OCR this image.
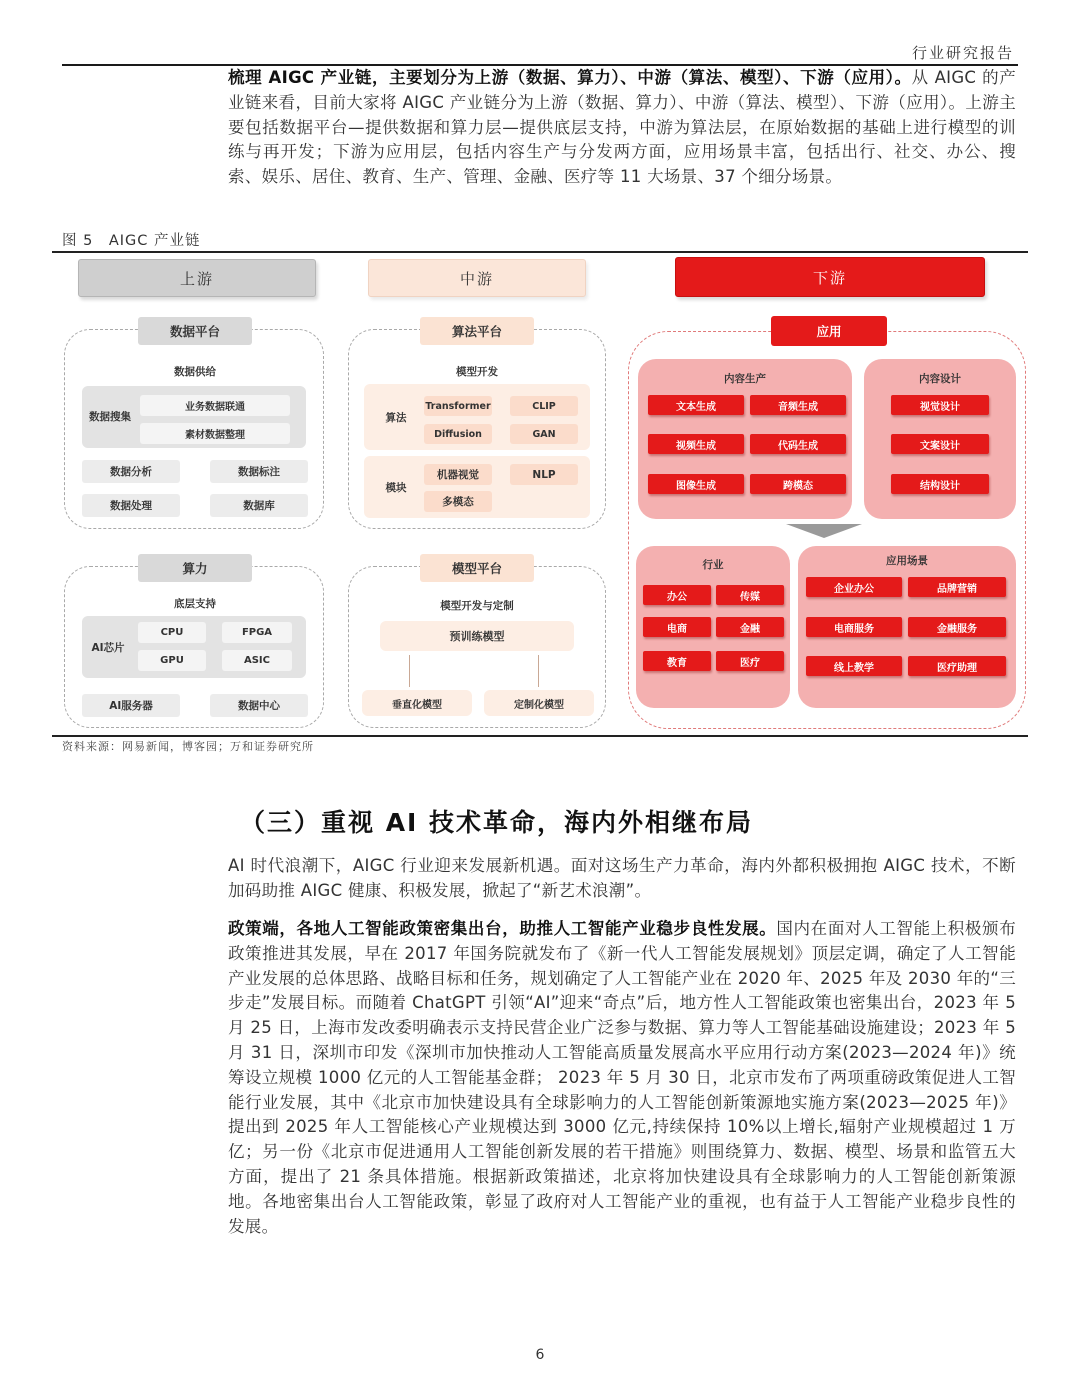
行业研究报告
梳理 AIGC 产业链，主要划分为上游（数据、算力）、中游（算法、模型）、下游（应用）。从 AIGC 的产业链来看，目前大家将 AIGC 产业链分为上游（数据、算力）、中游（算法、模型）、下游（应用）。上游主要包括数据平台—提供数据和算力层—提供底层支持，中游为算法层，在原始数据的基础上进行模型的训练与再开发；下游为应用层，包括内容生产与分发两方面，应用场景丰富，包括出行、社交、办公、搜索、娱乐、居住、教育、生产、管理、金融、医疗等 11 大场景、37 个细分场景。
图 5　AIGC 产业链
上游	中游	下游
数据平台
数据供给
数据搜集
业务数据联通
素材数据整理
数据分析	数据标注
数据处理	数据库
算力
底层支持
AI芯片
CPU	FPGA
GPU	ASIC
AI服务器	数据中心
算法平台
模型开发
算法
Transformer	CLIP
Diffusion	GAN
模块
机器视觉	NLP
多模态
模型平台
模型开发与定制
预训练模型
垂直化模型	定制化模型
应用
内容生产
文本生成	音频生成
视频生成	代码生成
图像生成	跨模态
内容设计
视觉设计
文案设计
结构设计
行业
办公	传媒
电商	金融
教育	医疗
应用场景
企业办公	品牌营销
电商服务	金融服务
线上教学	医疗助理
资料来源：网易新闻，博客园；万和证券研究所
（三）重视 AI 技术革命，海内外相继布局
AI 时代浪潮下，AIGC 行业迎来发展新机遇。面对这场生产力革命，海内外都积极拥抱 AIGC 技术，不断加码助推 AIGC 健康、积极发展，掀起了“新艺术浪潮”。
政策端，各地人工智能政策密集出台，助推人工智能产业稳步良性发展。国内在面对人工智能上积极颁布政策推进其发展，早在 2017 年国务院就发布了《新一代人工智能发展规划》顶层定调，确定了人工智能产业发展的总体思路、战略目标和任务，规划确定了人工智能产业在 2020 年、2025 年及 2030 年的“三步走”发展目标。而随着 ChatGPT 引领“AI”迎来“奇点”后，地方性人工智能政策也密集出台，2023 年 5 月 25 日，上海市发改委明确表示支持民营企业广泛参与数据、算力等人工智能基础设施建设；2023 年 5 月 31 日，深圳市印发《深圳市加快推动人工智能高质量发展高水平应用行动方案(2023—2024 年)》统筹设立规模 1000 亿元的人工智能基金群； 2023 年 5 月 30 日，北京市发布了两项重磅政策促进人工智能行业发展，其中《北京市加快建设具有全球影响力的人工智能创新策源地实施方案(2023—2025 年)》提出到 2025 年人工智能核心产业规模达到 3000 亿元,持续保持 10%以上增长,辐射产业规模超过 1 万亿；另一份《北京市促进通用人工智能创新发展的若干措施》则围绕算力、数据、模型、场景和监管五大方面，提出了 21 条具体措施。根据新政策描述，北京将加快建设具有全球影响力的人工智能创新策源地。各地密集出台人工智能政策，彰显了政府对人工智能产业的重视，也有益于人工智能产业稳步良性的发展。
6
